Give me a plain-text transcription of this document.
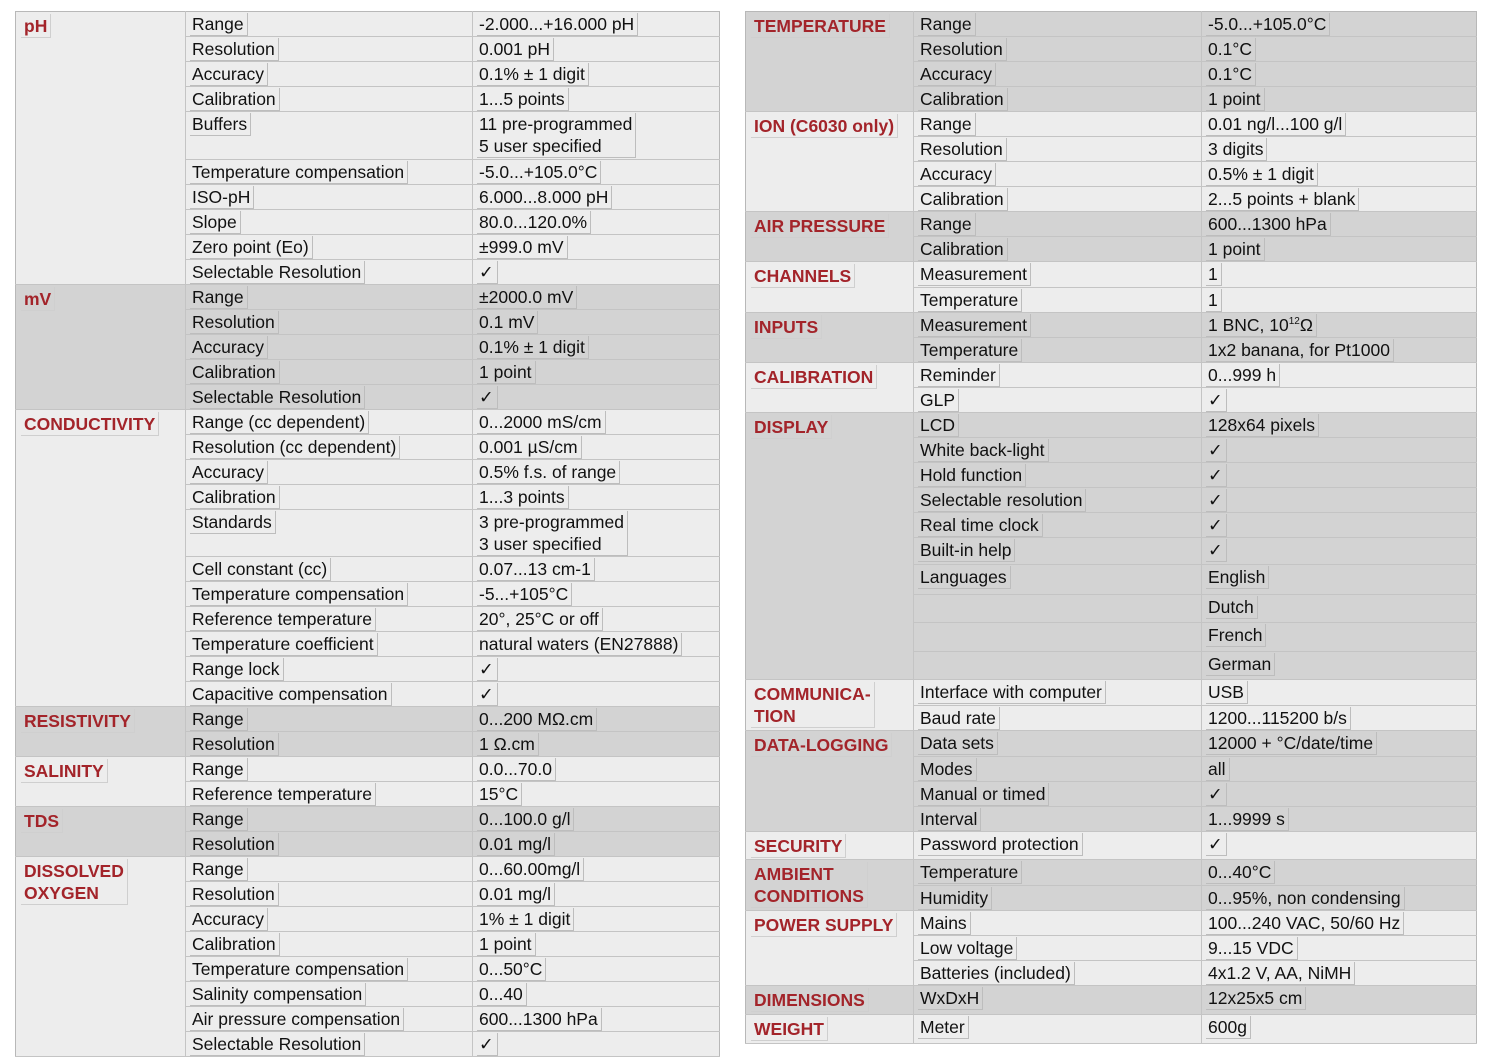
pH	Range	-2.000...+16.000 pH
	Resolution	0.001 pH
	Accuracy	0.1% ± 1 digit
	Calibration	1...5 points
	Buffers	11 pre-programmed
5 user specified

	Temperature compensation	-5.0...+105.0°C
	ISO-pH	6.000...8.000 pH
	Slope	80.0...120.0%
	Zero point (Eo)	±999.0 mV
	Selectable Resolution	✓
mV	Range	±2000.0 mV
	Resolution	0.1 mV
	Accuracy	0.1% ± 1 digit
	Calibration	1 point
	Selectable Resolution	✓
CONDUCTIVITY	Range (cc dependent)	0...2000 mS/cm
	Resolution (cc dependent)	0.001 µS/cm
	Accuracy	0.5% f.s. of range
	Calibration	1...3 points
	Standards	3 pre-programmed
3 user specified

	Cell constant (cc)	0.07...13 cm-1
	Temperature compensation	-5...+105°C
	Reference temperature	20°, 25°C or off
	Temperature coefficient	natural waters (EN27888)
	Range lock	✓
	Capacitive compensation	✓
RESISTIVITY	Range	0...200 MΩ.cm
	Resolution	1 Ω.cm
SALINITY	Range	0.0...70.0
	Reference temperature	15°C
TDS	Range	0...100.0 g/l
	Resolution	0.01 mg/l

DISSOLVED
OXYGEN	Range	0...60.00mg/l
	Resolution	0.01 mg/l
	Accuracy	1% ± 1 digit
	Calibration	1 point
	Temperature compensation	0...50°C
	Salinity compensation	0...40
	Air pressure compensation	600...1300 hPa
	Selectable Resolution	✓
TEMPERATURE	Range	-5.0...+105.0°C
	Resolution	0.1°C
	Accuracy	0.1°C
	Calibration	1 point
ION (C6030 only)	Range	0.01 ng/l...100 g/l
	Resolution	3 digits
	Accuracy	0.5% ± 1 digit
	Calibration	2...5 points + blank
AIR PRESSURE	Range	600...1300 hPa
	Calibration	1 point
CHANNELS	Measurement	1
	Temperature	1
INPUTS	Measurement	1 BNC, $10^{12}\Omega$
	Temperature	1x2 banana, for Pt1000
CALIBRATION	Reminder	0...999 h
	GLP	✓
DISPLAY	LCD	128x64 pixels
	White back-light	✓
	Hold function	✓
	Selectable resolution	✓
	Real time clock	✓
	Built-in help	✓
	Languages	English
		Dutch
		French
		German

COMMUNICA-
TION	Interface with computer	USB
	Baud rate	1200...115200 b/s
DATA-LOGGING	Data sets	12000 + °C/date/time
	Modes	all
	Manual or timed	✓
	Interval	1...9999 s
SECURITY	Password protection	✓

AMBIENT
CONDITIONS	Temperature	0...40°C
	Humidity	0...95%, non condensing
POWER SUPPLY	Mains	100...240 VAC, 50/60 Hz
	Low voltage	9...15 VDC
	Batteries (included)	4x1.2 V, AA, NiMH
DIMENSIONS	WxDxH	12x25x5 cm
WEIGHT	Meter	600g
